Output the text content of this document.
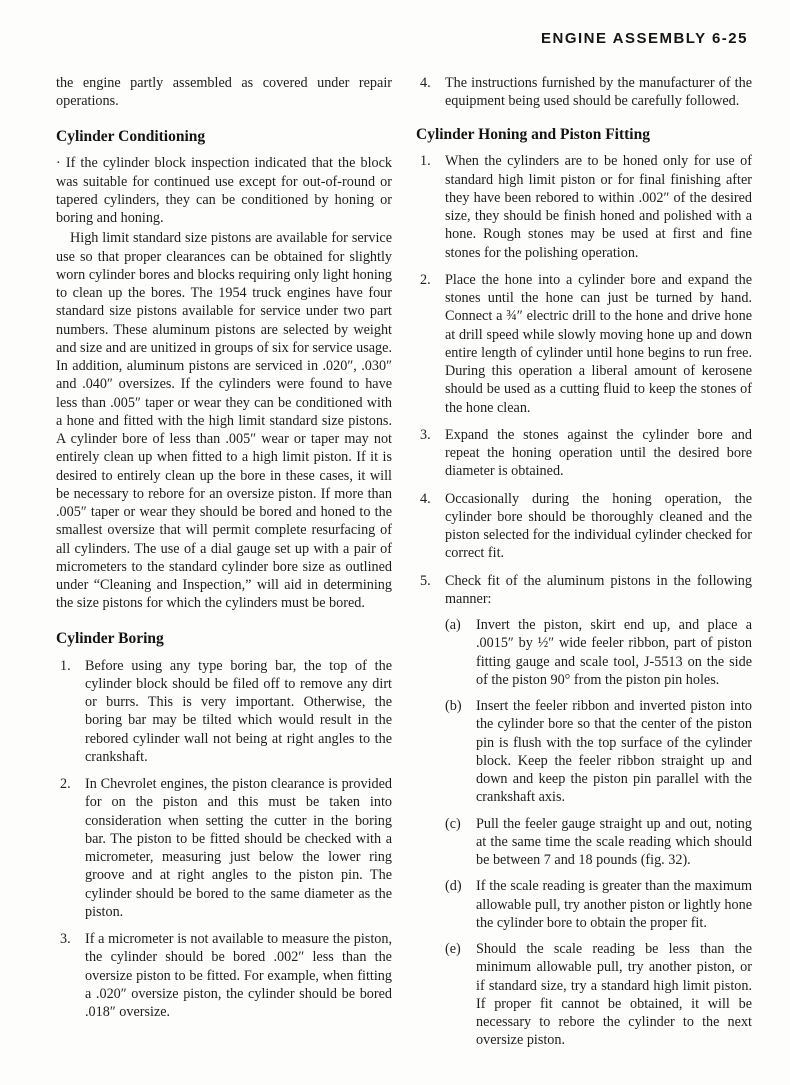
ENGINE ASSEMBLY 6-25

the engine partly assembled as covered under repair operations.

Cylinder Conditioning

· If the cylinder block inspection indicated that the block was suitable for continued use except for out-of-round or tapered cylinders, they can be conditioned by honing or boring and honing.

High limit standard size pistons are available for service use so that proper clearances can be obtained for slightly worn cylinder bores and blocks requiring only light honing to clean up the bores. The 1954 truck engines have four standard size pistons available for service under two part numbers. These aluminum pistons are selected by weight and size and are unitized in groups of six for service usage. In addition, aluminum pistons are serviced in .020″, .030″ and .040″ oversizes. If the cylinders were found to have less than .005″ taper or wear they can be conditioned with a hone and fitted with the high limit standard size pistons. A cylinder bore of less than .005″ wear or taper may not entirely clean up when fitted to a high limit piston. If it is desired to entirely clean up the bore in these cases, it will be necessary to rebore for an oversize piston. If more than .005″ taper or wear they should be bored and honed to the smallest oversize that will permit complete resurfacing of all cylinders. The use of a dial gauge set up with a pair of micrometers to the standard cylinder bore size as outlined under “Cleaning and Inspection,” will aid in determining the size pistons for which the cylinders must be bored.

Cylinder Boring
1. Before using any type boring bar, the top of the cylinder block should be filed off to remove any dirt or burrs. This is very important. Otherwise, the boring bar may be tilted which would result in the rebored cylinder wall not being at right angles to the crankshaft.
2. In Chevrolet engines, the piston clearance is provided for on the piston and this must be taken into consideration when setting the cutter in the boring bar. The piston to be fitted should be checked with a micrometer, measuring just below the lower ring groove and at right angles to the piston pin. The cylinder should be bored to the same diameter as the piston.
3. If a micrometer is not available to measure the piston, the cylinder should be bored .002″ less than the oversize piston to be fitted. For example, when fitting a .020″ oversize piston, the cylinder should be bored .018″ oversize.
4. The instructions furnished by the manufacturer of the equipment being used should be carefully followed.
Cylinder Honing and Piston Fitting
1. When the cylinders are to be honed only for use of standard high limit piston or for final finishing after they have been rebored to within .002″ of the desired size, they should be finish honed and polished with a hone. Rough stones may be used at first and fine stones for the polishing operation.
2. Place the hone into a cylinder bore and expand the stones until the hone can just be turned by hand. Connect a ¾″ electric drill to the hone and drive hone at drill speed while slowly moving hone up and down entire length of cylinder until hone begins to run free. During this operation a liberal amount of kerosene should be used as a cutting fluid to keep the stones of the hone clean.
3. Expand the stones against the cylinder bore and repeat the honing operation until the desired bore diameter is obtained.
4. Occasionally during the honing operation, the cylinder bore should be thoroughly cleaned and the piston selected for the individual cylinder checked for correct fit.
5. Check fit of the aluminum pistons in the following manner:
(a) Invert the piston, skirt end up, and place a .0015″ by ½″ wide feeler ribbon, part of piston fitting gauge and scale tool, J-5513 on the side of the piston 90° from the piston pin holes.
(b) Insert the feeler ribbon and inverted piston into the cylinder bore so that the center of the piston pin is flush with the top surface of the cylinder block. Keep the feeler ribbon straight up and down and keep the piston pin parallel with the crankshaft axis.
(c) Pull the feeler gauge straight up and out, noting at the same time the scale reading which should be between 7 and 18 pounds (fig. 32).
(d) If the scale reading is greater than the maximum allowable pull, try another piston or lightly hone the cylinder bore to obtain the proper fit.
(e) Should the scale reading be less than the minimum allowable pull, try another piston, or if standard size, try a standard high limit piston. If proper fit cannot be obtained, it will be necessary to rebore the cylinder to the next oversize piston.
